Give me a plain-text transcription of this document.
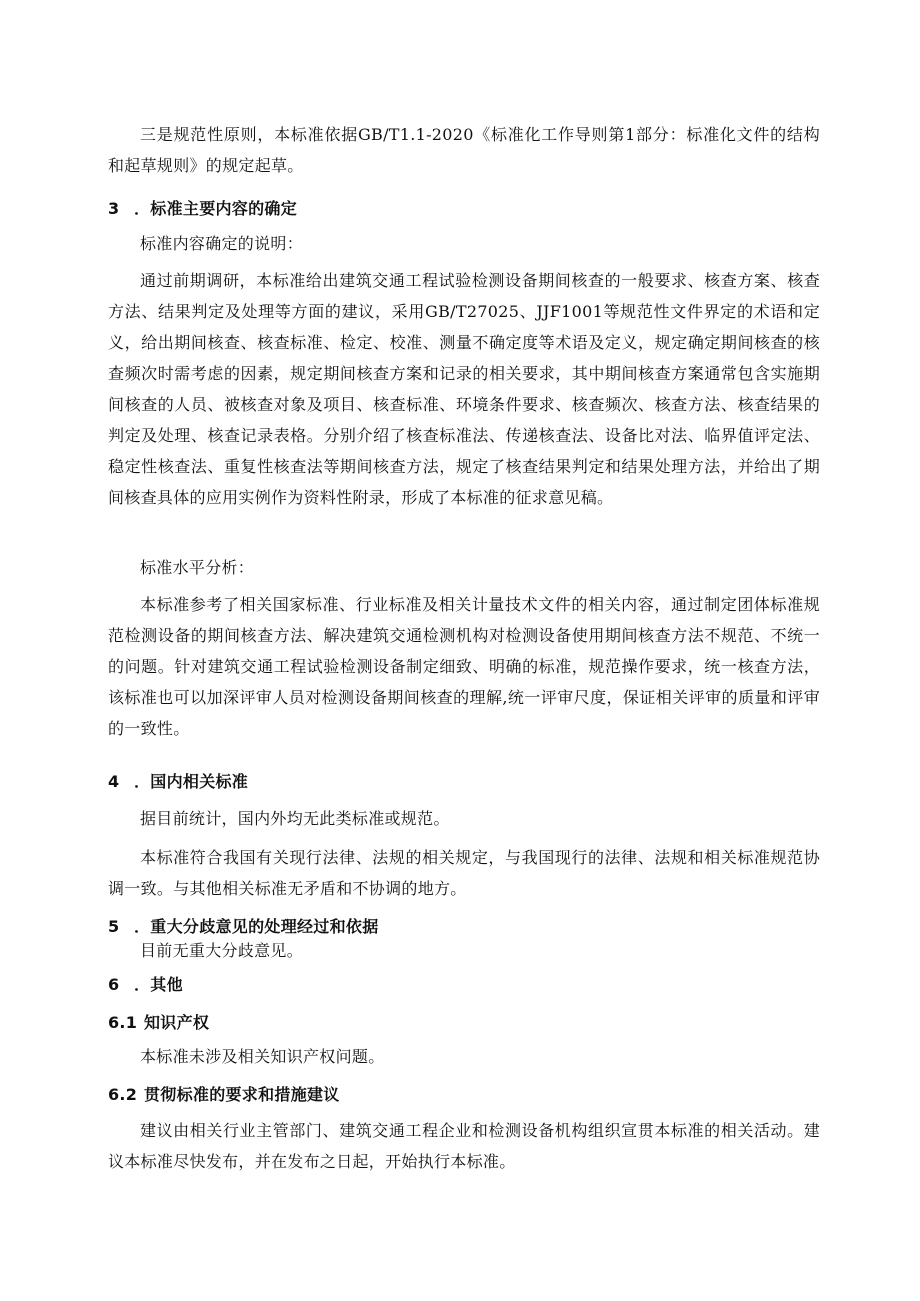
三是规范性原则，本标准依据GB/T1.1-2020《标准化工作导则第1部分：标准化文件的结构和起草规则》的规定起草。

3 ．标准主要内容的确定

标准内容确定的说明：

通过前期调研，本标准给出建筑交通工程试验检测设备期间核查的一般要求、核查方案、核查方法、结果判定及处理等方面的建议，采用GB/T27025、JJF1001等规范性文件界定的术语和定义，给出期间核查、核查标准、检定、校准、测量不确定度等术语及定义，规定确定期间核查的核查频次时需考虑的因素，规定期间核查方案和记录的相关要求，其中期间核查方案通常包含实施期间核查的人员、被核查对象及项目、核查标准、环境条件要求、核查频次、核查方法、核查结果的判定及处理、核查记录表格。分别介绍了核查标准法、传递核查法、设备比对法、临界值评定法、稳定性核查法、重复性核查法等期间核查方法，规定了核查结果判定和结果处理方法，并给出了期间核查具体的应用实例作为资料性附录，形成了本标准的征求意见稿。

标准水平分析：

本标准参考了相关国家标准、行业标准及相关计量技术文件的相关内容，通过制定团体标准规范检测设备的期间核查方法、解决建筑交通检测机构对检测设备使用期间核查方法不规范、不统一的问题。针对建筑交通工程试验检测设备制定细致、明确的标准，规范操作要求，统一核查方法，该标准也可以加深评审人员对检测设备期间核查的理解,统一评审尺度，保证相关评审的质量和评审的一致性。

4 ．国内相关标准

据目前统计，国内外均无此类标准或规范。

本标准符合我国有关现行法律、法规的相关规定，与我国现行的法律、法规和相关标准规范协调一致。与其他相关标准无矛盾和不协调的地方。

5 ．重大分歧意见的处理经过和依据

目前无重大分歧意见。

6 ．其他
6.1 知识产权

本标准未涉及相关知识产权问题。

6.2 贯彻标准的要求和措施建议

建议由相关行业主管部门、建筑交通工程企业和检测设备机构组织宣贯本标准的相关活动。建议本标准尽快发布，并在发布之日起，开始执行本标准。
